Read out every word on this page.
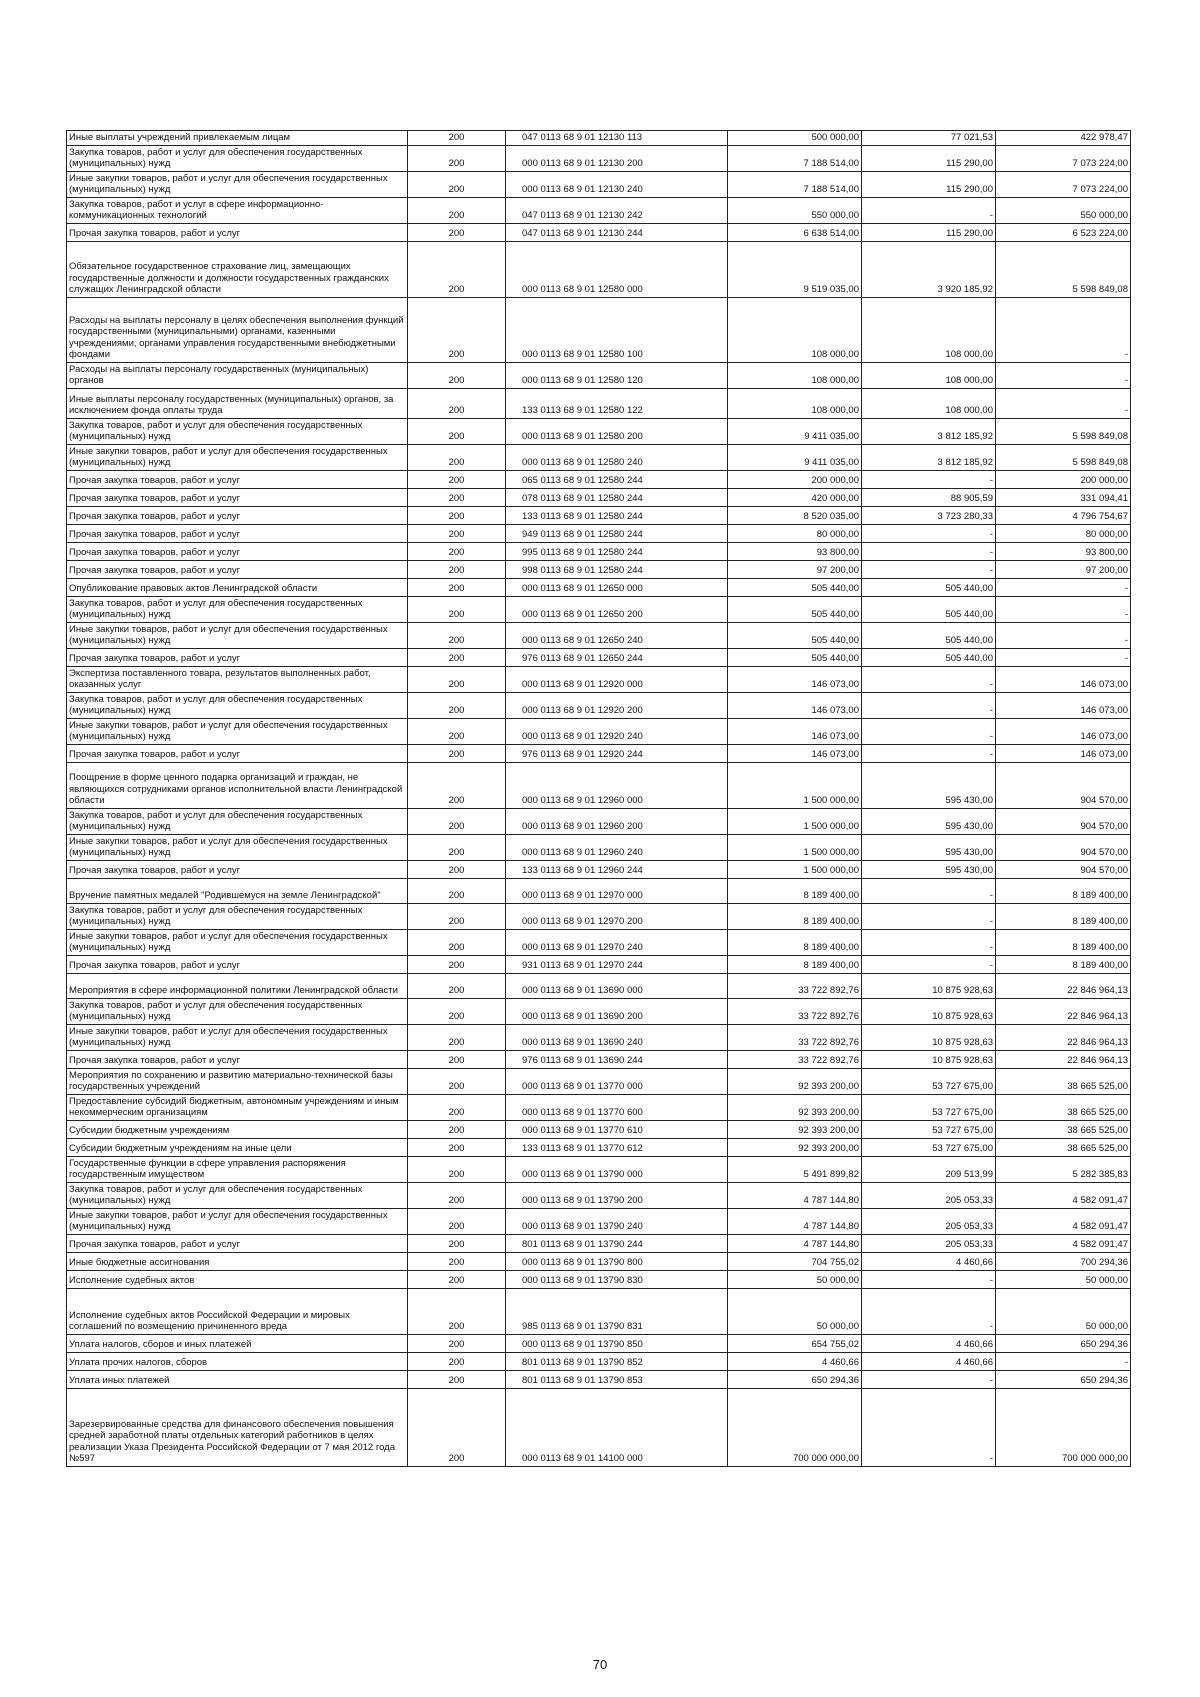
Иные выплаты учреждений привлекаемым лицам	200	047 0113 68 9 01 12130 113	500 000,00	77 021,53	422 978,47
Закупка товаров, работ и услуг для обеспечения государственных (муниципальных) нужд	200	000 0113 68 9 01 12130 200	7 188 514,00	115 290,00	7 073 224,00
Иные закупки товаров, работ и услуг для обеспечения государственных (муниципальных) нужд	200	000 0113 68 9 01 12130 240	7 188 514,00	115 290,00	7 073 224,00
Закупка товаров, работ и услуг в сфере информационно-коммуникационных технологий	200	047 0113 68 9 01 12130 242	550 000,00	-	550 000,00
Прочая закупка товаров, работ и услуг	200	047 0113 68 9 01 12130 244	6 638 514,00	115 290,00	6 523 224,00
Обязательное государственное страхование лиц, замещающих государственные должности и должности государственных гражданских служащих Ленинградской области	200	000 0113 68 9 01 12580 000	9 519 035,00	3 920 185,92	5 598 849,08
Расходы на выплаты персоналу в целях обеспечения выполнения функций государственными (муниципальными) органами, казенными учреждениями, органами управления государственными внебюджетными фондами	200	000 0113 68 9 01 12580 100	108 000,00	108 000,00	-
Расходы на выплаты персоналу государственных (муниципальных) органов	200	000 0113 68 9 01 12580 120	108 000,00	108 000,00	-
Иные выплаты персоналу государственных (муниципальных) органов, за исключением фонда оплаты труда	200	133 0113 68 9 01 12580 122	108 000,00	108 000,00	-
Закупка товаров, работ и услуг для обеспечения государственных (муниципальных) нужд	200	000 0113 68 9 01 12580 200	9 411 035,00	3 812 185,92	5 598 849,08
Иные закупки товаров, работ и услуг для обеспечения государственных (муниципальных) нужд	200	000 0113 68 9 01 12580 240	9 411 035,00	3 812 185,92	5 598 849,08
Прочая закупка товаров, работ и услуг	200	065 0113 68 9 01 12580 244	200 000,00	-	200 000,00
Прочая закупка товаров, работ и услуг	200	078 0113 68 9 01 12580 244	420 000,00	88 905,59	331 094,41
Прочая закупка товаров, работ и услуг	200	133 0113 68 9 01 12580 244	8 520 035,00	3 723 280,33	4 796 754,67
Прочая закупка товаров, работ и услуг	200	949 0113 68 9 01 12580 244	80 000,00	-	80 000,00
Прочая закупка товаров, работ и услуг	200	995 0113 68 9 01 12580 244	93 800,00	-	93 800,00
Прочая закупка товаров, работ и услуг	200	998 0113 68 9 01 12580 244	97 200,00	-	97 200,00
Опубликование правовых актов Ленинградской области	200	000 0113 68 9 01 12650 000	505 440,00	505 440,00	-
Закупка товаров, работ и услуг для обеспечения государственных (муниципальных) нужд	200	000 0113 68 9 01 12650 200	505 440,00	505 440,00	-
Иные закупки товаров, работ и услуг для обеспечения государственных (муниципальных) нужд	200	000 0113 68 9 01 12650 240	505 440,00	505 440,00	-
Прочая закупка товаров, работ и услуг	200	976 0113 68 9 01 12650 244	505 440,00	505 440,00	-
Экспертиза поставленного товара, результатов выполненных работ, оказанных услуг	200	000 0113 68 9 01 12920 000	146 073,00	-	146 073,00
Закупка товаров, работ и услуг для обеспечения государственных (муниципальных) нужд	200	000 0113 68 9 01 12920 200	146 073,00	-	146 073,00
Иные закупки товаров, работ и услуг для обеспечения государственных (муниципальных) нужд	200	000 0113 68 9 01 12920 240	146 073,00	-	146 073,00
Прочая закупка товаров, работ и услуг	200	976 0113 68 9 01 12920 244	146 073,00	-	146 073,00
Поощрение в форме ценного подарка организаций и граждан, не являющихся сотрудниками органов исполнительной власти Ленинградской области	200	000 0113 68 9 01 12960 000	1 500 000,00	595 430,00	904 570,00
Закупка товаров, работ и услуг для обеспечения государственных (муниципальных) нужд	200	000 0113 68 9 01 12960 200	1 500 000,00	595 430,00	904 570,00
Иные закупки товаров, работ и услуг для обеспечения государственных (муниципальных) нужд	200	000 0113 68 9 01 12960 240	1 500 000,00	595 430,00	904 570,00
Прочая закупка товаров, работ и услуг	200	133 0113 68 9 01 12960 244	1 500 000,00	595 430,00	904 570,00
Вручение памятных медалей "Родившемуся на земле Ленинградской"	200	000 0113 68 9 01 12970 000	8 189 400,00	-	8 189 400,00
Закупка товаров, работ и услуг для обеспечения государственных (муниципальных) нужд	200	000 0113 68 9 01 12970 200	8 189 400,00	-	8 189 400,00
Иные закупки товаров, работ и услуг для обеспечения государственных (муниципальных) нужд	200	000 0113 68 9 01 12970 240	8 189 400,00	-	8 189 400,00
Прочая закупка товаров, работ и услуг	200	931 0113 68 9 01 12970 244	8 189 400,00	-	8 189 400,00
Мероприятия в сфере информационной политики Ленинградской области	200	000 0113 68 9 01 13690 000	33 722 892,76	10 875 928,63	22 846 964,13
Закупка товаров, работ и услуг для обеспечения государственных (муниципальных) нужд	200	000 0113 68 9 01 13690 200	33 722 892,76	10 875 928,63	22 846 964,13
Иные закупки товаров, работ и услуг для обеспечения государственных (муниципальных) нужд	200	000 0113 68 9 01 13690 240	33 722 892,76	10 875 928,63	22 846 964,13
Прочая закупка товаров, работ и услуг	200	976 0113 68 9 01 13690 244	33 722 892,76	10 875 928,63	22 846 964,13
Мероприятия по сохранению и развитию материально-технической базы государственных учреждений	200	000 0113 68 9 01 13770 000	92 393 200,00	53 727 675,00	38 665 525,00
Предоставление субсидий бюджетным, автономным учреждениям и иным некоммерческим организациям	200	000 0113 68 9 01 13770 600	92 393 200,00	53 727 675,00	38 665 525,00
Субсидии бюджетным учреждениям	200	000 0113 68 9 01 13770 610	92 393 200,00	53 727 675,00	38 665 525,00
Субсидии бюджетным учреждениям на иные цели	200	133 0113 68 9 01 13770 612	92 393 200,00	53 727 675,00	38 665 525,00
Государственные функции в сфере управления распоряжения государственным имуществом	200	000 0113 68 9 01 13790 000	5 491 899,82	209 513,99	5 282 385,83
Закупка товаров, работ и услуг для обеспечения государственных (муниципальных) нужд	200	000 0113 68 9 01 13790 200	4 787 144,80	205 053,33	4 582 091,47
Иные закупки товаров, работ и услуг для обеспечения государственных (муниципальных) нужд	200	000 0113 68 9 01 13790 240	4 787 144,80	205 053,33	4 582 091,47
Прочая закупка товаров, работ и услуг	200	801 0113 68 9 01 13790 244	4 787 144,80	205 053,33	4 582 091,47
Иные бюджетные ассигнования	200	000 0113 68 9 01 13790 800	704 755,02	4 460,66	700 294,36
Исполнение судебных актов	200	000 0113 68 9 01 13790 830	50 000,00	-	50 000,00
Исполнение судебных актов Российской Федерации и мировых соглашений по возмещению причиненного вреда	200	985 0113 68 9 01 13790 831	50 000,00	-	50 000,00
Уплата налогов, сборов и иных платежей	200	000 0113 68 9 01 13790 850	654 755,02	4 460,66	650 294,36
Уплата прочих налогов, сборов	200	801 0113 68 9 01 13790 852	4 460,66	4 460,66	-
Уплата иных платежей	200	801 0113 68 9 01 13790 853	650 294,36	-	650 294,36
Зарезервированные средства для финансового обеспечения повышения средней заработной платы отдельных категорий работников в целях реализации Указа Президента Российской Федерации от 7 мая 2012 года №597	200	000 0113 68 9 01 14100 000	700 000 000,00	-	700 000 000,00
70
